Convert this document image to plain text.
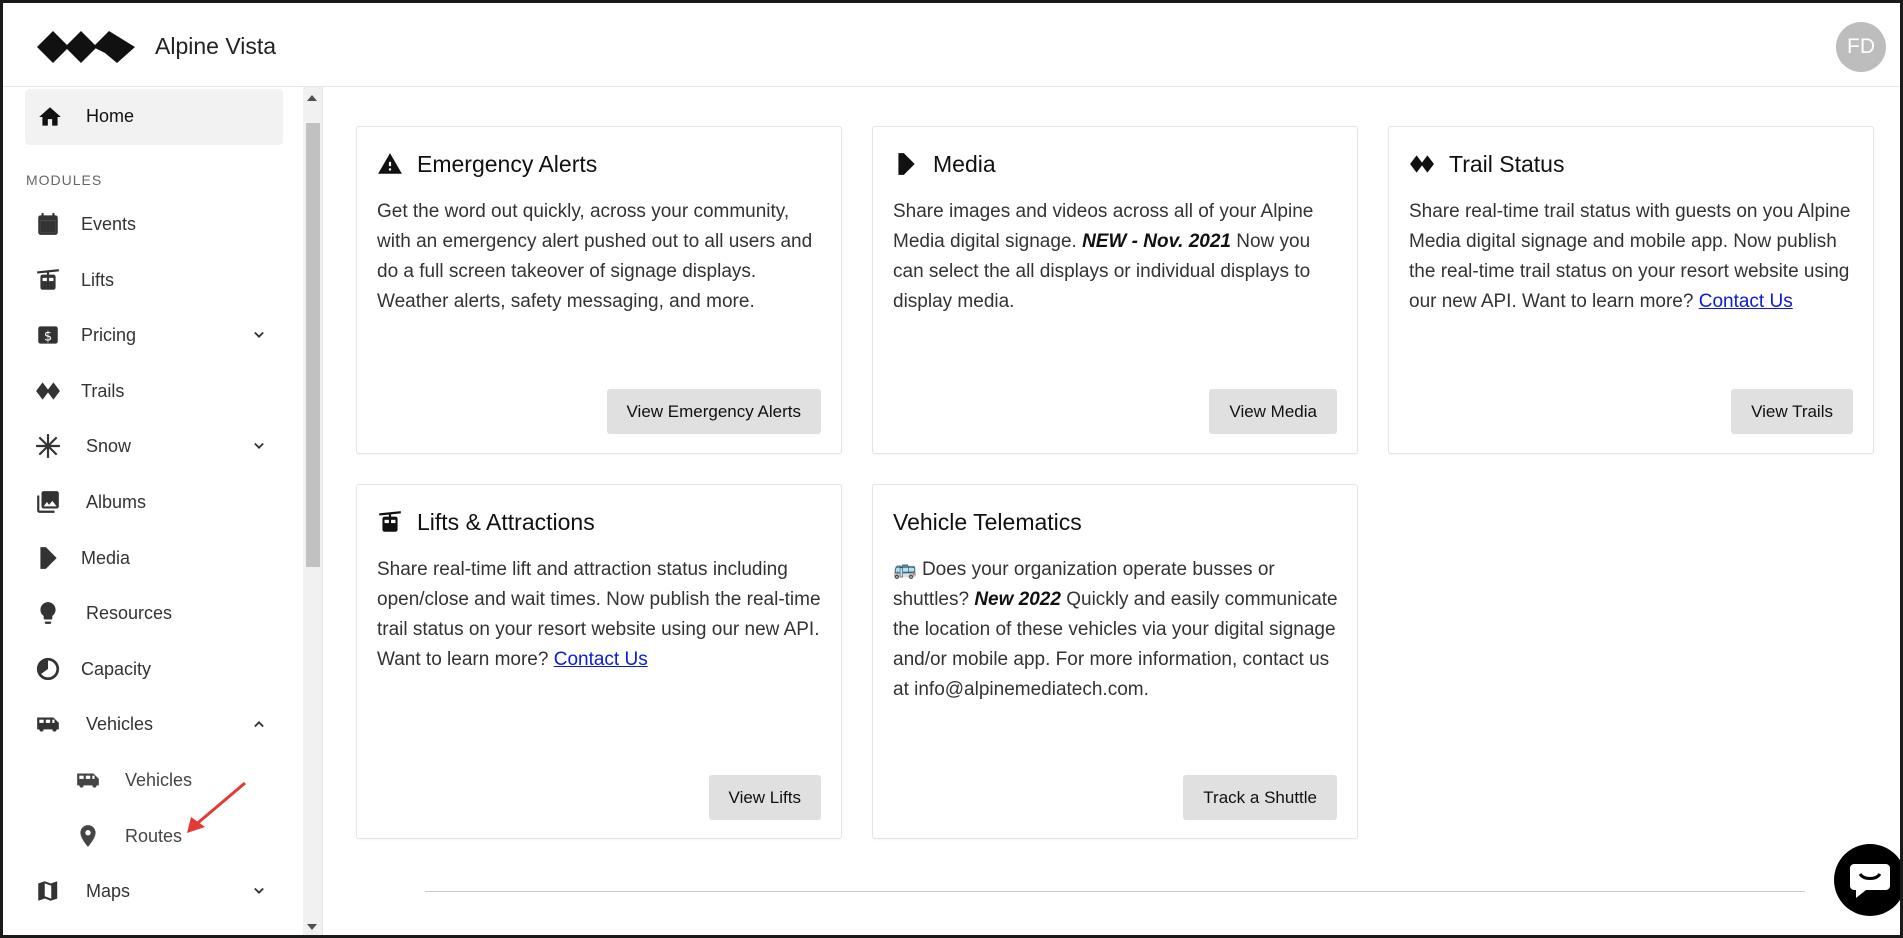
Alpine Vista	FD
Home
MODULES
Events
Lifts
$ Pricing
Trails
Snow
Albums
Media
Resources
Capacity
Vehicles
Vehicles
Routes
Maps
Emergency Alerts
Get the word out quickly, across your community, with an emergency alert pushed out to all users and do a full screen takeover of signage displays. Weather alerts, safety messaging, and more.
View Emergency Alerts
Media
Share images and videos across all of your Alpine Media digital signage. NEW - Nov. 2021 Now you can select the all displays or individual displays to display media.
View Media
Trail Status
Share real-time trail status with guests on you Alpine Media digital signage and mobile app. Now publish the real-time trail status on your resort website using our new API. Want to learn more? Contact Us
View Trails
Lifts & Attractions
Share real-time lift and attraction status including open/close and wait times. Now publish the real-time trail status on your resort website using our new API. Want to learn more? Contact Us
View Lifts
Vehicle Telematics
🚌 Does your organization operate busses or shuttles? New 2022 Quickly and easily communicate the location of these vehicles via your digital signage and/or mobile app. For more information, contact us at info@alpinemediatech.com.
Track a Shuttle
